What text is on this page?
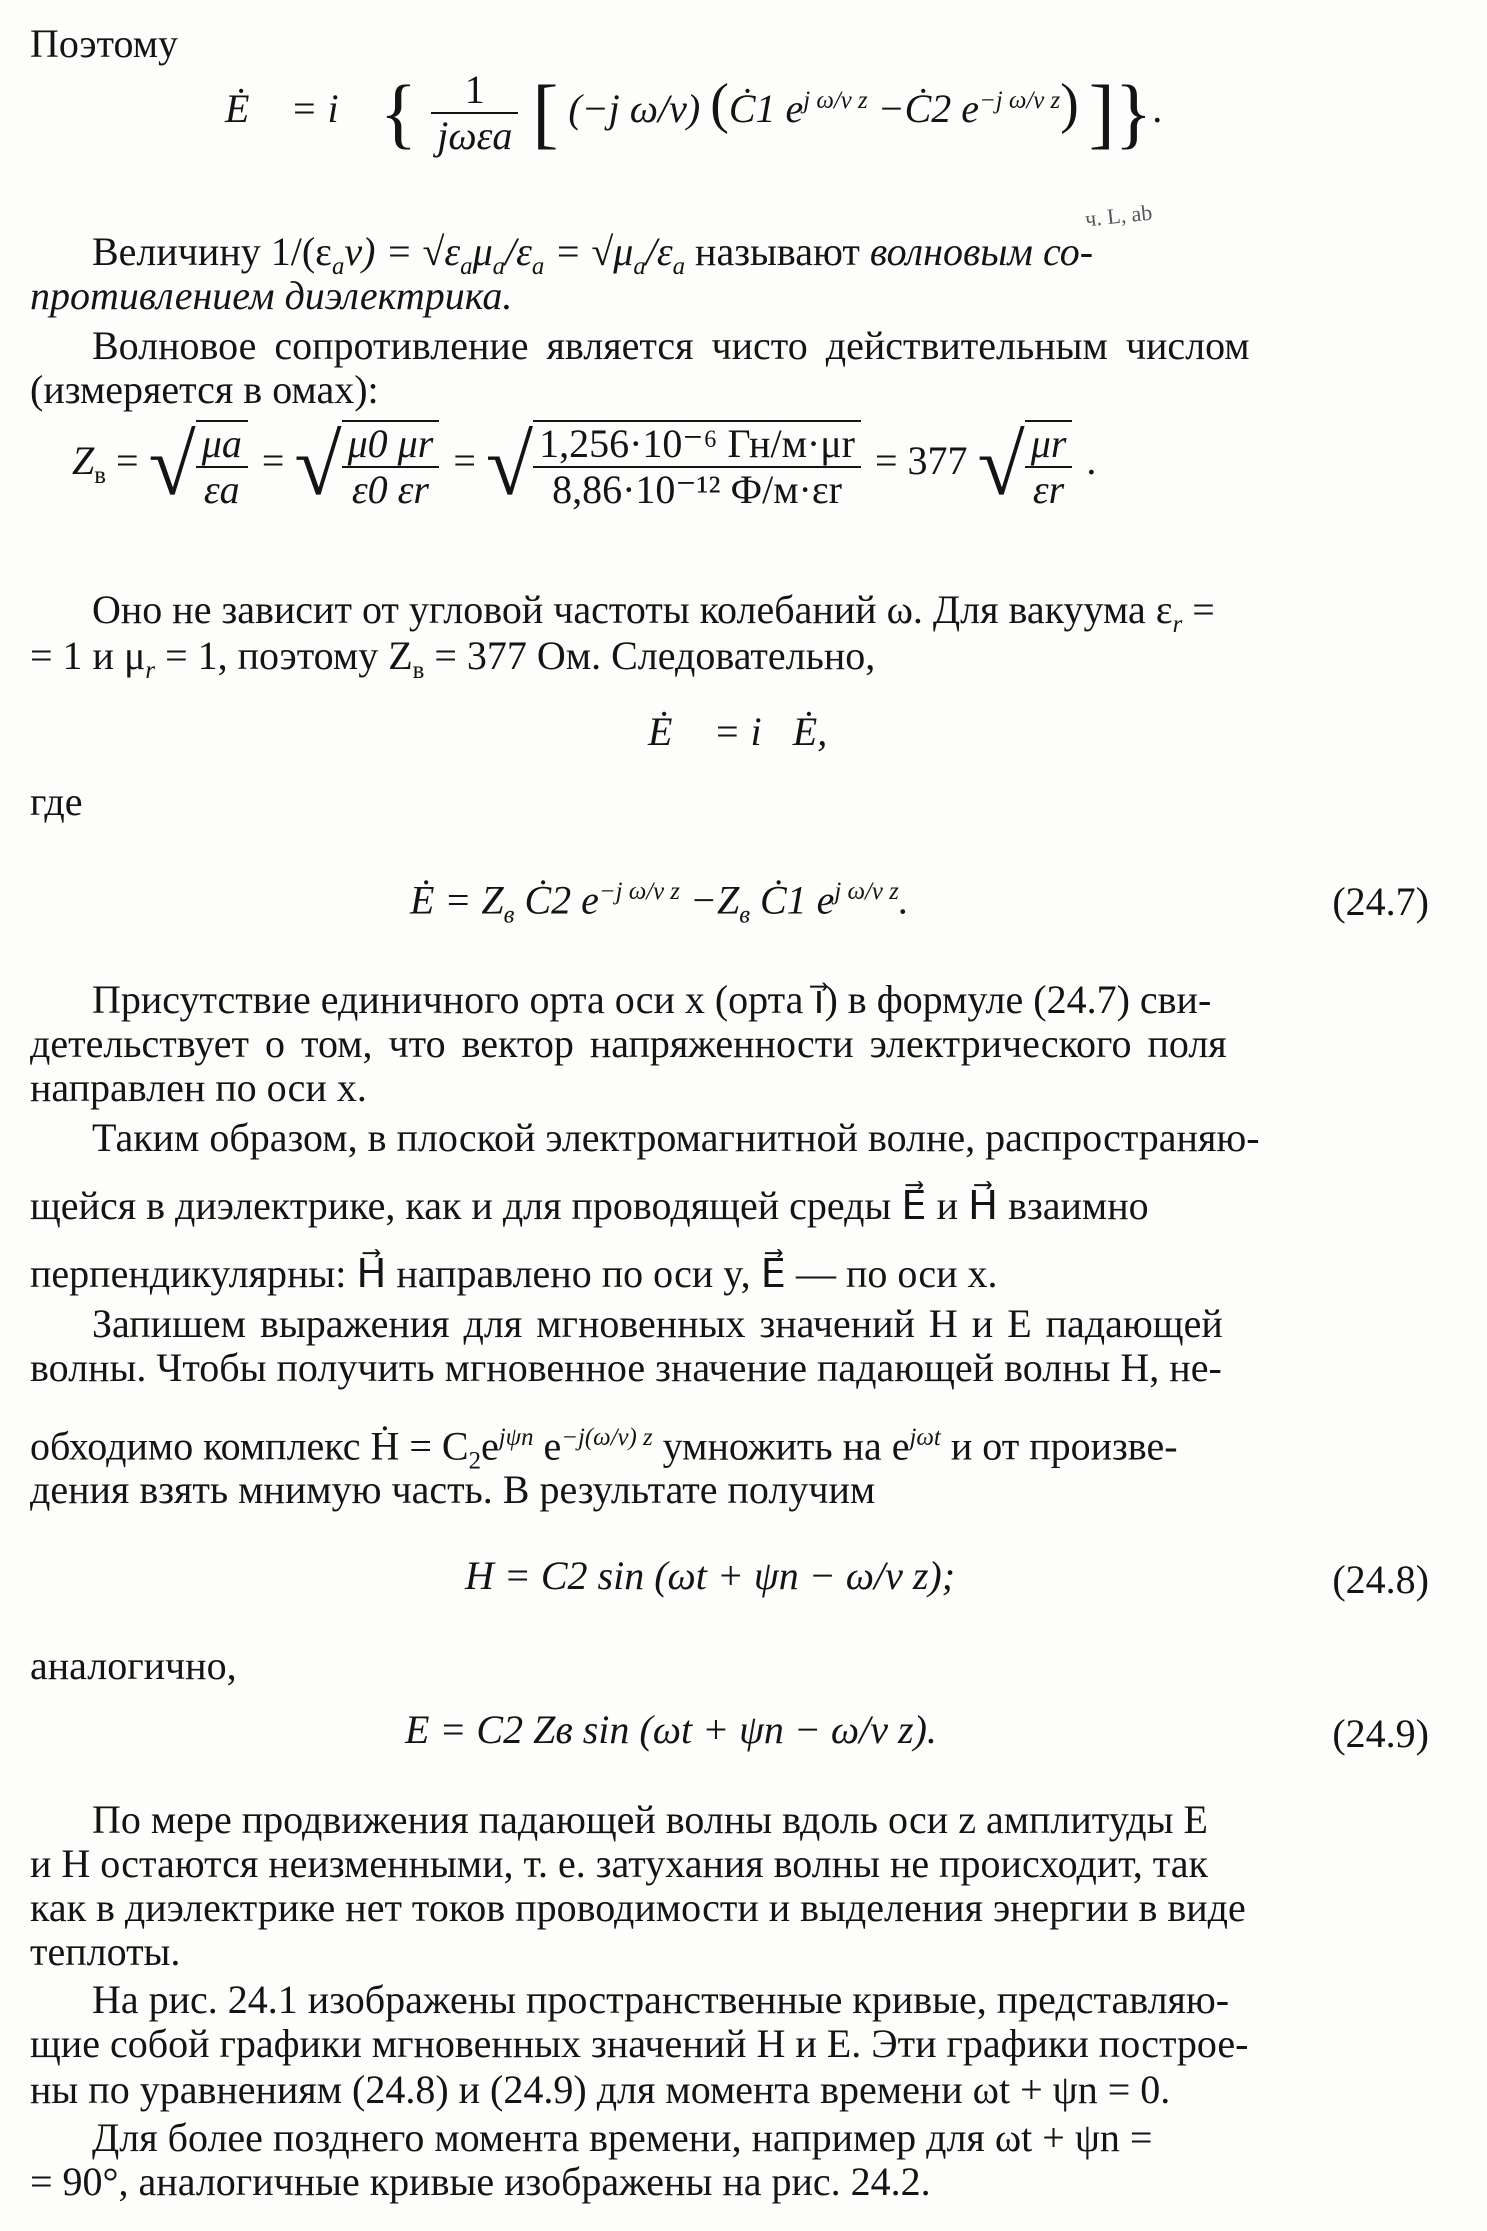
Поэтому
Ė⃗ = i⃗ { $\frac{1}{\text{jωεa}}$ [ (−j ω/v) (Ċ1 $e^{j \omega/v z}$ −Ċ2 $e^{-j \omega/v z}$) ]}.
ч. L, ab
Величину $1/(\varepsilon_av) = √\varepsilon_a\mu_a/\varepsilon_a = √\mu_a/\varepsilon_a$ называют волновым со-
противлением диэлектрика.
Волновое сопротивление является чисто действительным числом
(измеряется в омах):
$Z_в$ = √ $\frac{\mu a}{\varepsilon a}$ = √ $\frac{\mu 0 \mu r}{\varepsilon 0 \varepsilon r}$ = √ $\frac{\text{1,256·10⁻⁶ Гн/м·μr}}{\text{8,86·10⁻¹² Ф/м·εr}} = 377$ √ $\frac{\mu r}{\varepsilon r}$ .
Оно не зависит от угловой частоты колебаний ω. Для вакуума $\varepsilon_r$ =
= 1 и $\mu_r = 1$, поэтому $Z_в = 377$ Ом. Следовательно,
Ė⃗ = i⃗Ė,
где
Ė = $Z_в$ Ċ2 $e^{-j \omega/v z} -Z_в$ Ċ1 $e^{j \omega/v z}$.	(24.7)
Присутствие единичного орта оси x (орта i⃗) в формуле (24.7) сви-
детельствует о том, что вектор напряженности электрического поля
направлен по оси x.
Таким образом, в плоской электромагнитной волне, распространяю-
щейся в диэлектрике, как и для проводящей среды E⃗ и H⃗ взаимно
перпендикулярны: H⃗ направлено по оси y, E⃗ — по оси x.
Запишем выражения для мгновенных значений H и E падающей
волны. Чтобы получить мгновенное значение падающей волны H, не-
обходимо комплекс Ḣ = $C_2e^{j\psi n}$ $e^{-j(\omega/v) z}$ умножить на $e^{j\omega t}$ и от произве-
дения взять мнимую часть. В результате получим
H = C2 sin (ωt + ψn − ω/v z);	(24.8)
аналогично,
E = C2 Zв sin (ωt + ψn − ω/v z).	(24.9)
По мере продвижения падающей волны вдоль оси z амплитуды E
и H остаются неизменными, т. е. затухания волны не происходит, так
как в диэлектрике нет токов проводимости и выделения энергии в виде
теплоты.
На рис. 24.1 изображены пространственные кривые, представляю-
щие собой графики мгновенных значений H и E. Эти графики построе-
ны по уравнениям (24.8) и (24.9) для момента времени ωt + ψn = 0.
Для более позднего момента времени, например для ωt + ψn =
= 90°, аналогичные кривые изображены на рис. 24.2.
